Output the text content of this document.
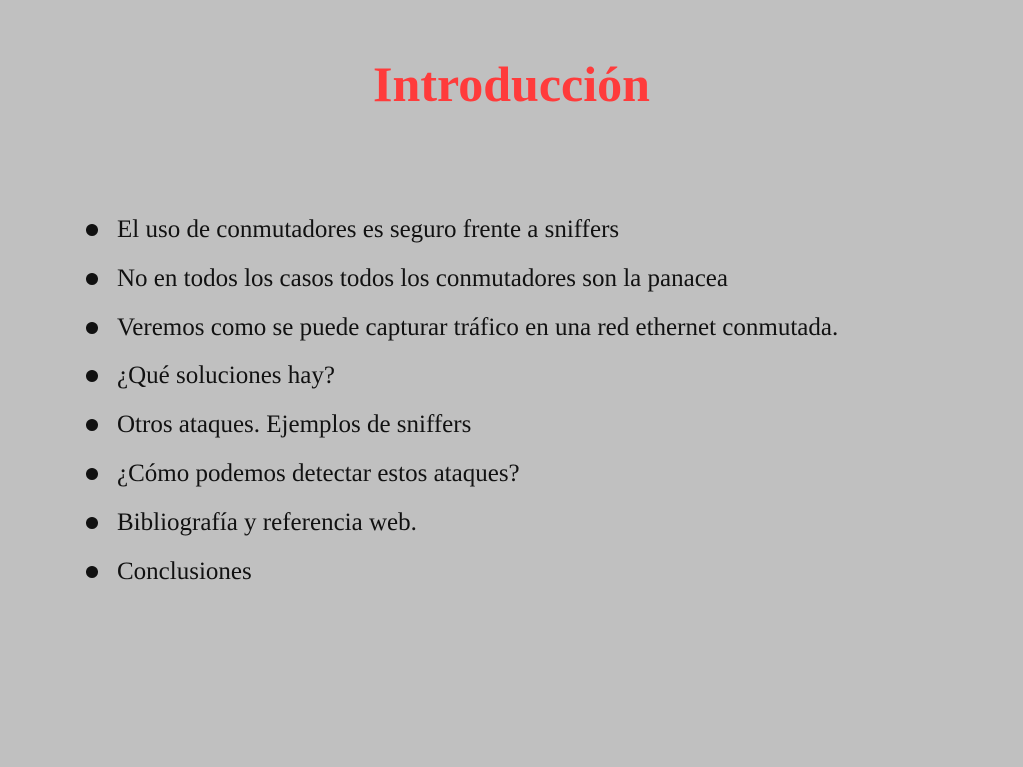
Introducción
El uso de conmutadores es seguro frente a sniffers
No en todos los casos todos los conmutadores son la panacea
Veremos como se puede capturar tráfico en una red ethernet conmutada.
¿Qué soluciones hay?
Otros ataques. Ejemplos de sniffers
¿Cómo podemos detectar estos ataques?
Bibliografía y referencia web.
Conclusiones
